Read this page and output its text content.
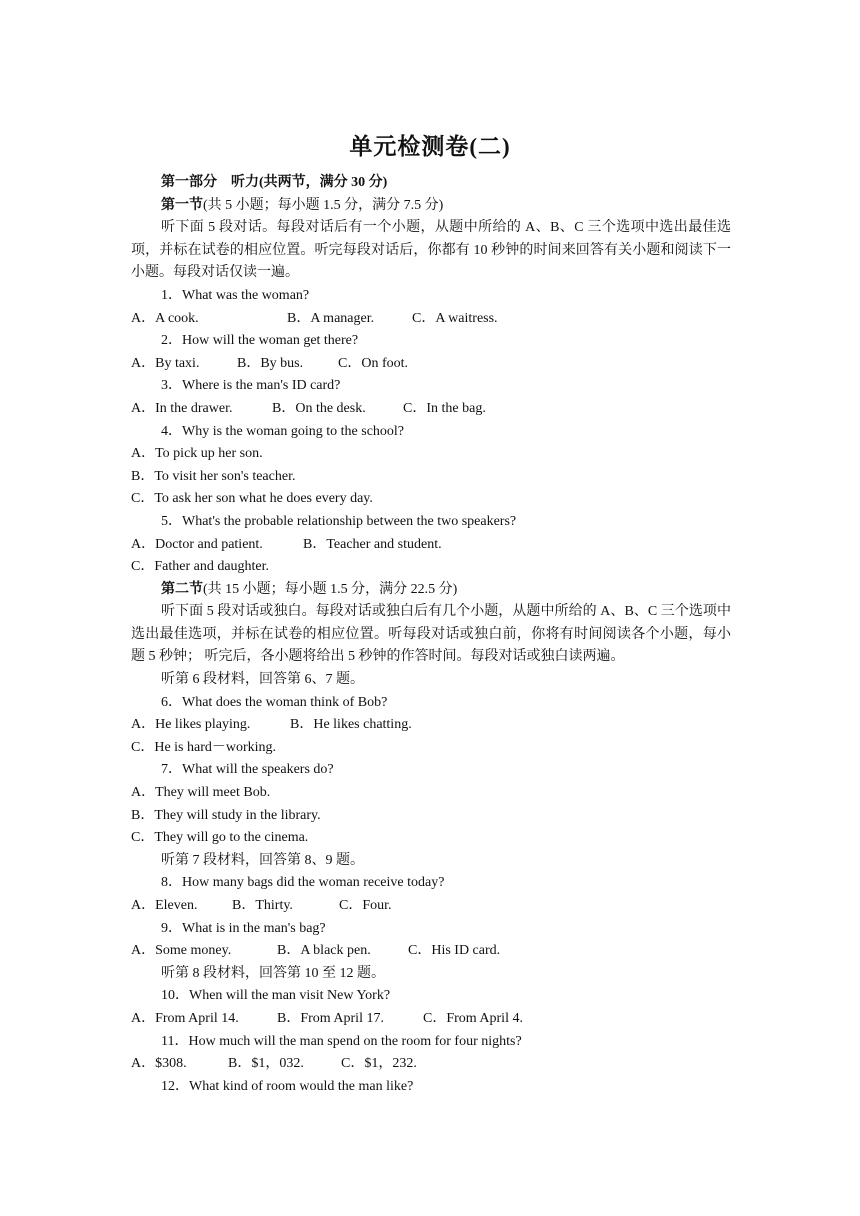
单元检测卷(二)
第一部分　听力(共两节，满分 30 分)
第一节(共 5 小题；每小题 1.5 分，满分 7.5 分)
听下面 5 段对话。每段对话后有一个小题，从题中所给的 A、B、C 三个选项中选出最佳选项，并标在试卷的相应位置。听完每段对话后，你都有 10 秒钟的时间来回答有关小题和阅读下一小题。每段对话仅读一遍。
1．What was the woman?
A．A cook.	B．A manager.	C．A waitress.
2．How will the woman get there?
A．By taxi.	B．By bus. C．On foot.
3．Where is the man's ID card?
A．In the drawer.	B．On the desk.	C．In the bag.
4．Why is the woman going to the school?
A．To pick up her son.
B．To visit her son's teacher.
C．To ask her son what he does every day.
5．What's the probable relationship between the two speakers?
A．Doctor and patient.	B．Teacher and student.
C．Father and daughter.
第二节(共 15 小题；每小题 1.5 分，满分 22.5 分)
听下面 5 段对话或独白。每段对话或独白后有几个小题，从题中所给的 A、B、C 三个选项中选出最佳选项，并标在试卷的相应位置。听每段对话或独白前，你将有时间阅读各个小题，每小题 5 秒钟； 听完后，各小题将给出 5 秒钟的作答时间。每段对话或独白读两遍。
听第 6 段材料，回答第 6、7 题。
6．What does the woman think of Bob?
A．He likes playing.	B．He likes chatting.
C．He is hard－working.
7．What will the speakers do?
A．They will meet Bob.
B．They will study in the library.
C．They will go to the cinema.
听第 7 段材料，回答第 8、9 题。
8．How many bags did the woman receive today?
A．Eleven. B．Thirty.	C．Four.
9．What is in the man's bag?
A．Some money.	B．A black pen.	C．His ID card.
听第 8 段材料，回答第 10 至 12 题。
10．When will the man visit New York?
A．From April 14.	B．From April 17.	C．From April 4.
11．How much will the man spend on the room for four nights?
A．$308.	B．$1，032.	C．$1，232.
12．What kind of room would the man like?
